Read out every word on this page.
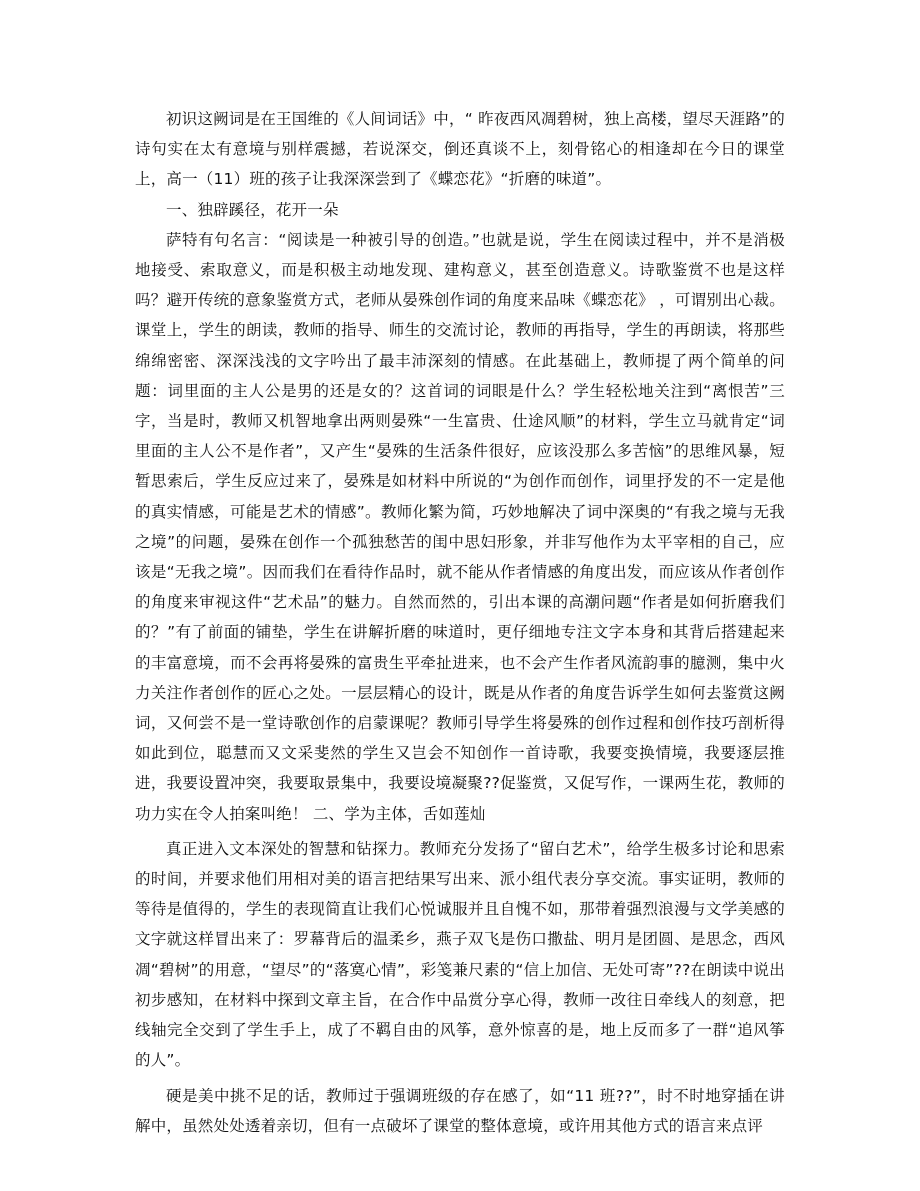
初识这阙词是在王国维的《人间词话》中，“ 昨夜西风凋碧树，独上高楼，望尽天涯路”的诗句实在太有意境与别样震撼，若说深交，倒还真谈不上，刻骨铭心的相逢却在今日的课堂上，高一（11）班的孩子让我深深尝到了《蝶恋花》“折磨的味道”。

一、独辟蹊径，花开一朵

萨特有句名言：“阅读是一种被引导的创造。”也就是说，学生在阅读过程中，并不是消极地接受、索取意义，而是积极主动地发现、建构意义，甚至创造意义。诗歌鉴赏不也是这样吗？避开传统的意象鉴赏方式，老师从晏殊创作词的角度来品味《蝶恋花》 ，可谓别出心裁。课堂上，学生的朗读，教师的指导、师生的交流讨论，教师的再指导，学生的再朗读，将那些绵绵密密、深深浅浅的文字吟出了最丰沛深刻的情感。在此基础上，教师提了两个简单的问题：词里面的主人公是男的还是女的？这首词的词眼是什么？学生轻松地关注到“离恨苦”三字，当是时，教师又机智地拿出两则晏殊“一生富贵、仕途风顺”的材料，学生立马就肯定“词里面的主人公不是作者”，又产生“晏殊的生活条件很好，应该没那么多苦恼”的思维风暴，短暂思索后，学生反应过来了，晏殊是如材料中所说的“为创作而创作，词里抒发的不一定是他的真实情感，可能是艺术的情感”。教师化繁为简，巧妙地解决了词中深奥的“有我之境与无我之境”的问题，晏殊在创作一个孤独愁苦的闺中思妇形象，并非写他作为太平宰相的自己，应该是“无我之境”。因而我们在看待作品时，就不能从作者情感的角度出发，而应该从作者创作的角度来审视这件“艺术品”的魅力。自然而然的，引出本课的高潮问题“作者是如何折磨我们的？”有了前面的铺垫，学生在讲解折磨的味道时，更仔细地专注文字本身和其背后搭建起来的丰富意境，而不会再将晏殊的富贵生平牵扯进来，也不会产生作者风流韵事的臆测，集中火力关注作者创作的匠心之处。一层层精心的设计，既是从作者的角度告诉学生如何去鉴赏这阙词，又何尝不是一堂诗歌创作的启蒙课呢？教师引导学生将晏殊的创作过程和创作技巧剖析得如此到位，聪慧而又文采斐然的学生又岂会不知创作一首诗歌，我要变换情境，我要逐层推进，我要设置冲突，我要取景集中，我要设境凝聚??促鉴赏，又促写作，一课两生花，教师的功力实在令人拍案叫绝！ 二、学为主体，舌如莲灿

真正进入文本深处的智慧和钻探力。教师充分发扬了“留白艺术”，给学生极多讨论和思索的时间，并要求他们用相对美的语言把结果写出来、派小组代表分享交流。事实证明，教师的等待是值得的，学生的表现简直让我们心悦诚服并且自愧不如，那带着强烈浪漫与文学美感的文字就这样冒出来了：罗幕背后的温柔乡，燕子双飞是伤口撒盐、明月是团圆、是思念，西风凋“碧树”的用意，“望尽”的“落寞心情”，彩笺兼尺素的“信上加信、无处可寄”??在朗读中说出初步感知，在材料中探到文章主旨，在合作中品赏分享心得，教师一改往日牵线人的刻意，把线轴完全交到了学生手上，成了不羁自由的风筝，意外惊喜的是，地上反而多了一群“追风筝的人”。

硬是美中挑不足的话，教师过于强调班级的存在感了，如“11 班??”，时不时地穿插在讲解中，虽然处处透着亲切，但有一点破坏了课堂的整体意境，或许用其他方式的语言来点评
